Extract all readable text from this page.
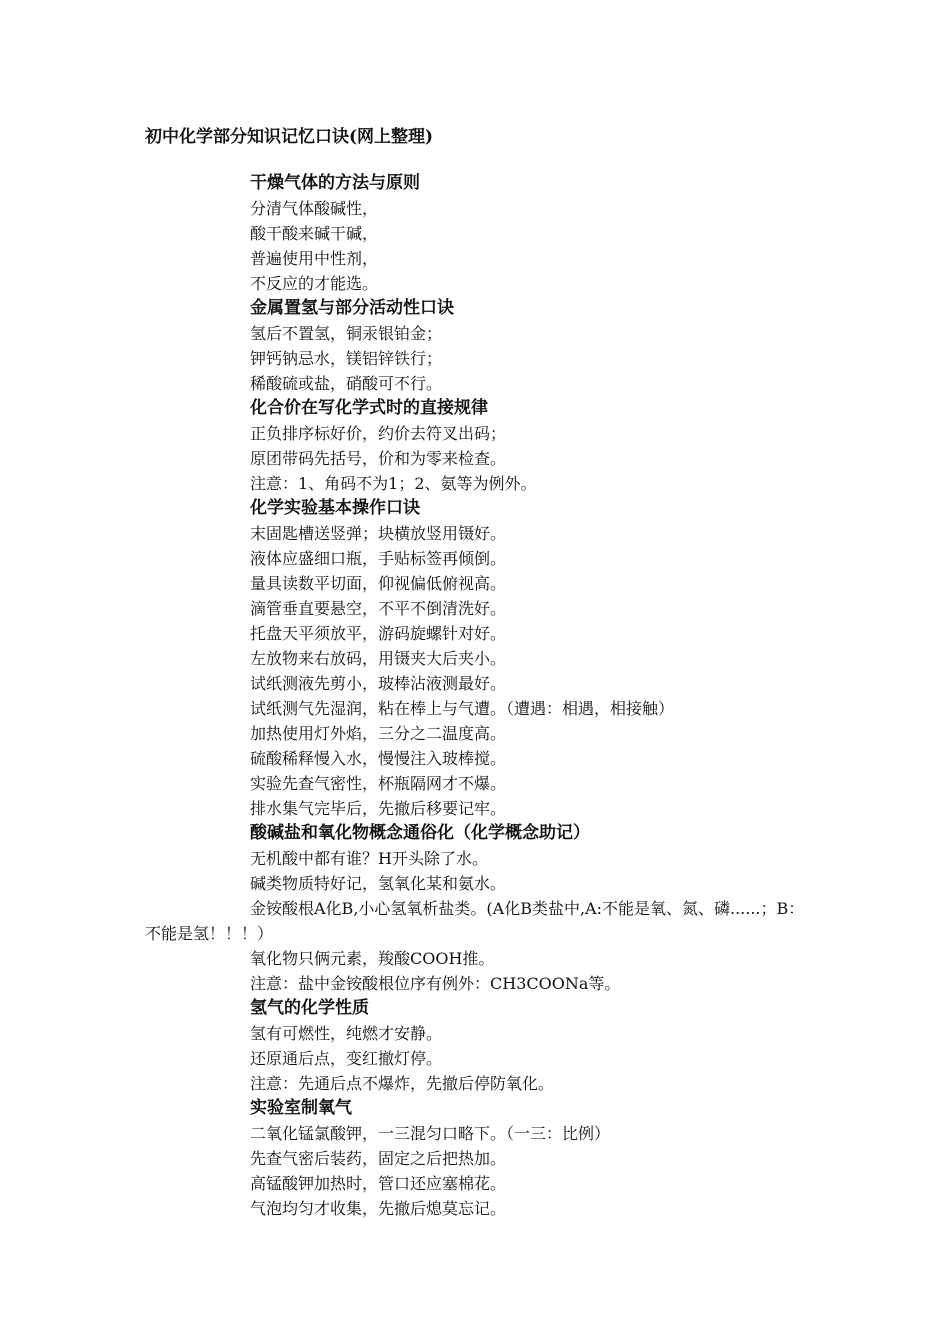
初中化学部分知识记忆口诀(网上整理)
干燥气体的方法与原则
分清气体酸碱性，
酸干酸来碱干碱，
普遍使用中性剂，
不反应的才能选。
金属置氢与部分活动性口诀
氢后不置氢，铜汞银铂金；
钾钙钠忌水，镁铝锌铁行；
稀酸硫或盐，硝酸可不行。
化合价在写化学式时的直接规律
正负排序标好价，约价去符叉出码；
原团带码先括号，价和为零来检查。
注意：1、角码不为1；2、氨等为例外。
化学实验基本操作口诀
末固匙槽送竖弹；块横放竖用镊好。
液体应盛细口瓶，手贴标签再倾倒。
量具读数平切面，仰视偏低俯视高。
滴管垂直要悬空，不平不倒清洗好。
托盘天平须放平，游码旋螺针对好。
左放物来右放码，用镊夹大后夹小。
试纸测液先剪小，玻棒沾液测最好。
试纸测气先湿润，粘在棒上与气遭。（遭遇：相遇，相接触）
加热使用灯外焰，三分之二温度高。
硫酸稀释慢入水，慢慢注入玻棒搅。
实验先查气密性，杯瓶隔网才不爆。
排水集气完毕后，先撤后移要记牢。
酸碱盐和氧化物概念通俗化（化学概念助记）
无机酸中都有谁？H开头除了水。
碱类物质特好记，氢氧化某和氨水。
金铵酸根A化B,小心氢氧析盐类。(A化B类盐中,A:不能是氧、氮、磷......；B：不能是氢！！！）
氧化物只俩元素，羧酸COOH推。
注意：盐中金铵酸根位序有例外：CH3COONa等。
氢气的化学性质
氢有可燃性，纯燃才安静。
还原通后点，变红撤灯停。
注意：先通后点不爆炸，先撤后停防氧化。
实验室制氧气
二氧化锰氯酸钾，一三混匀口略下。（一三：比例）
先查气密后装药，固定之后把热加。
高锰酸钾加热时，管口还应塞棉花。
气泡均匀才收集，先撤后熄莫忘记。
